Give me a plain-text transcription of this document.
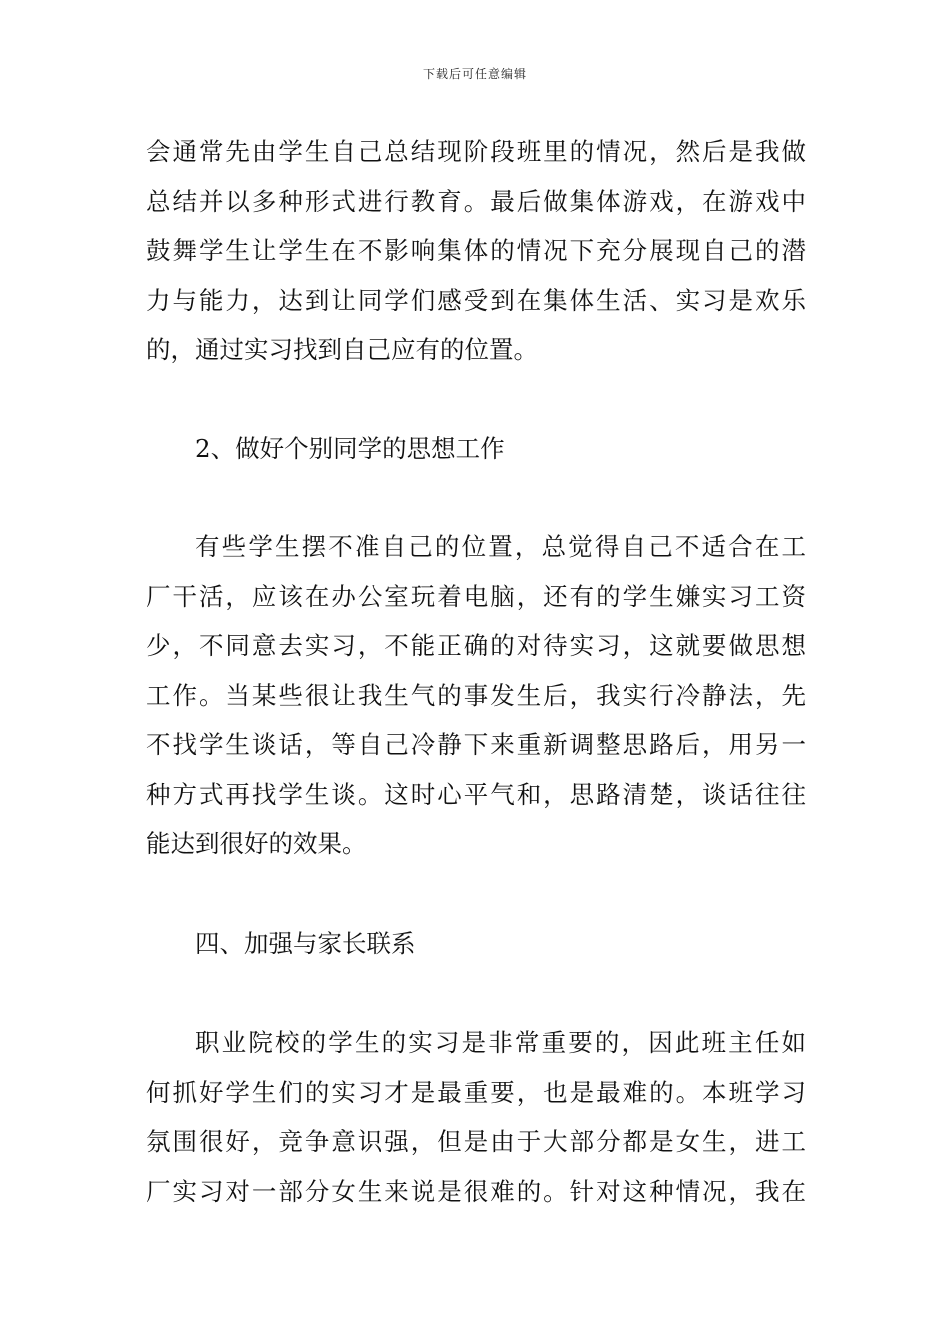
下载后可任意编辑
会通常先由学生自己总结现阶段班里的情况，然后是我做
总结并以多种形式进行教育。最后做集体游戏，在游戏中
鼓舞学生让学生在不影响集体的情况下充分展现自己的潜
力与能力，达到让同学们感受到在集体生活、实习是欢乐
的，通过实习找到自己应有的位置。
2、做好个别同学的思想工作
有些学生摆不准自己的位置，总觉得自己不适合在工
厂干活，应该在办公室玩着电脑，还有的学生嫌实习工资
少，不同意去实习，不能正确的对待实习，这就要做思想
工作。当某些很让我生气的事发生后，我实行冷静法，先
不找学生谈话，等自己冷静下来重新调整思路后，用另一
种方式再找学生谈。这时心平气和，思路清楚，谈话往往
能达到很好的效果。
四、加强与家长联系
职业院校的学生的实习是非常重要的，因此班主任如
何抓好学生们的实习才是最重要，也是最难的。本班学习
氛围很好，竞争意识强，但是由于大部分都是女生，进工
厂实习对一部分女生来说是很难的。针对这种情况，我在
